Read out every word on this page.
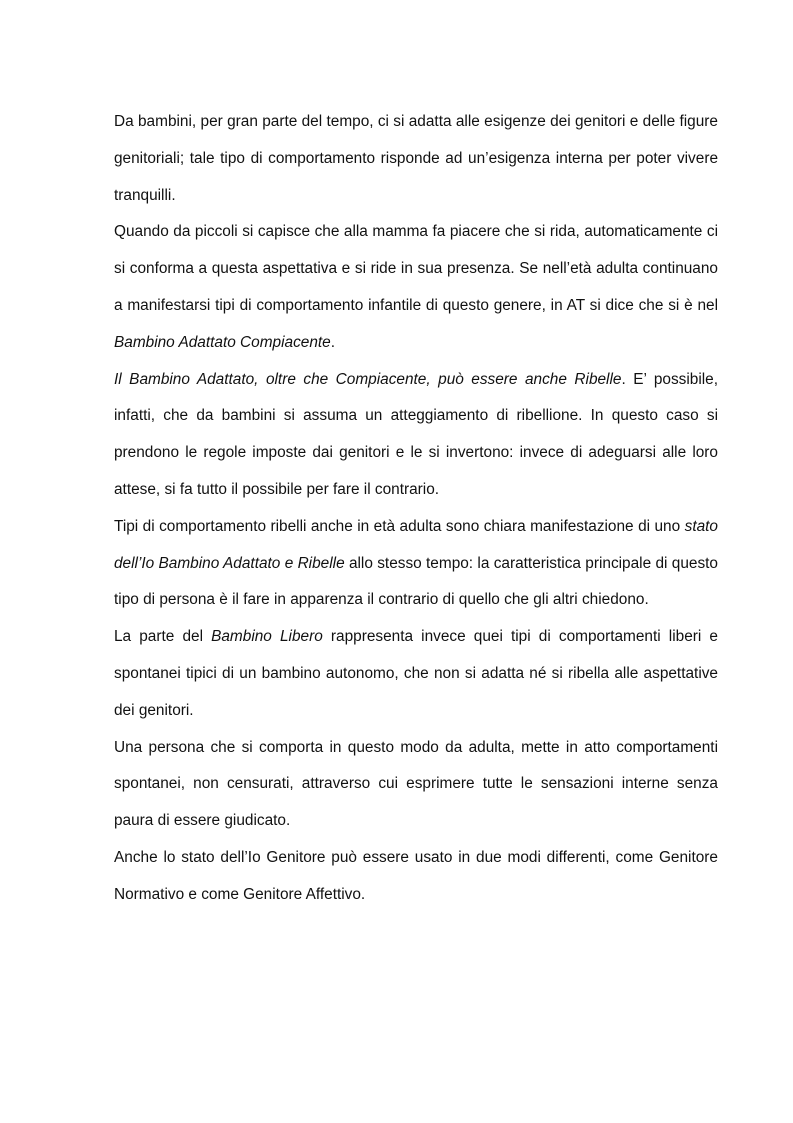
Da bambini, per gran parte del tempo, ci si adatta alle esigenze dei genitori e delle figure genitoriali; tale tipo di comportamento risponde ad un’esigenza interna per poter vivere tranquilli.

Quando da piccoli si capisce che alla mamma fa piacere che si rida, automaticamente ci si conforma a questa aspettativa e si ride in sua presenza. Se nell’età adulta continuano a manifestarsi tipi di comportamento infantile di questo genere, in AT si dice che si è nel Bambino Adattato Compiacente.

Il Bambino Adattato, oltre che Compiacente, può essere anche Ribelle. E’ possibile, infatti, che da bambini si assuma un atteggiamento di ribellione. In questo caso si prendono le regole imposte dai genitori e le si invertono: invece di adeguarsi alle loro attese, si fa tutto il possibile per fare il contrario.

Tipi di comportamento ribelli anche in età adulta sono chiara manifestazione di uno stato dell’Io Bambino Adattato e Ribelle allo stesso tempo: la caratteristica principale di questo tipo di persona è il fare in apparenza il contrario di quello che gli altri chiedono.

La parte del Bambino Libero rappresenta invece quei tipi di comportamenti liberi e spontanei tipici di un bambino autonomo, che non si adatta né si ribella alle aspettative dei genitori.

Una persona che si comporta in questo modo da adulta, mette in atto comportamenti spontanei, non censurati, attraverso cui esprimere tutte le sensazioni interne senza paura di essere giudicato.

Anche lo stato dell’Io Genitore può essere usato in due modi differenti, come Genitore Normativo e come Genitore Affettivo.
